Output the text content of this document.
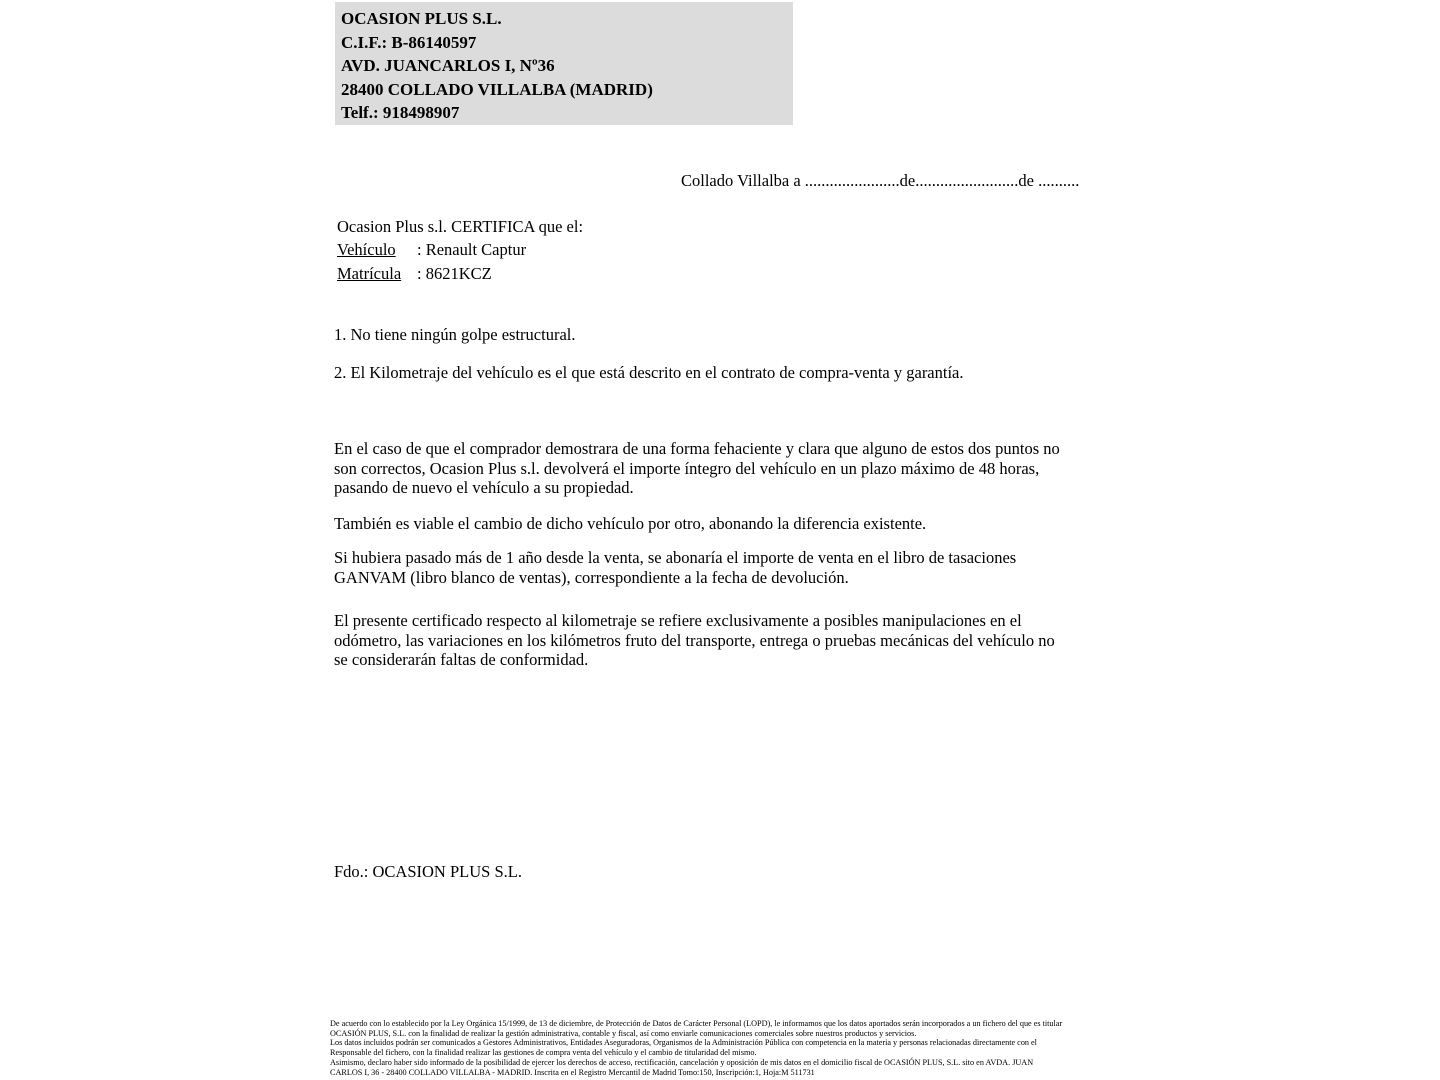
OCASION PLUS S.L.
C.I.F.: B-86140597
AVD. JUANCARLOS I, Nº36
28400 COLLADO VILLALBA (MADRID)
Telf.: 918498907
Collado Villalba a .......................de.........................de ..........
Ocasion Plus s.l. CERTIFICA que el:
Vehículo : Renault Captur
Matrícula : 8621KCZ
1. No tiene ningún golpe estructural.
2. El Kilometraje del vehículo es el que está descrito en el contrato de compra-venta y garantía.
En el caso de que el comprador demostrara de una forma fehaciente y clara que alguno de estos dos puntos no
son correctos, Ocasion Plus s.l. devolverá el importe íntegro del vehículo en un plazo máximo de 48 horas,
pasando de nuevo el vehículo a su propiedad.
También es viable el cambio de dicho vehículo por otro, abonando la diferencia existente.
Si hubiera pasado más de 1 año desde la venta, se abonaría el importe de venta en el libro de tasaciones
GANVAM (libro blanco de ventas), correspondiente a la fecha de devolución.
El presente certificado respecto al kilometraje se refiere exclusivamente a posibles manipulaciones en el
odómetro, las variaciones en los kilómetros fruto del transporte, entrega o pruebas mecánicas del vehículo no
se considerarán faltas de conformidad.
Fdo.: OCASION PLUS S.L.
De acuerdo con lo establecido por la Ley Orgánica 15/1999, de 13 de diciembre, de Protección de Datos de Carácter Personal (LOPD), le informamos que los datos aportados serán incorporados a un fichero del que es titular
OCASIÓN PLUS, S.L. con la finalidad de realizar la gestión administrativa, contable y fiscal, así como enviarle comunicaciones comerciales sobre nuestros productos y servicios.
Los datos incluidos podrán ser comunicados a Gestores Administrativos, Entidades Aseguradoras, Organismos de la Administración Pública con competencia en la materia y personas relacionadas directamente con el
Responsable del fichero, con la finalidad realizar las gestiones de compra venta del vehículo y el cambio de titularidad del mismo.
Asimismo, declaro haber sido informado de la posibilidad de ejercer los derechos de acceso, rectificación, cancelación y oposición de mis datos en el domicilio fiscal de OCASIÓN PLUS, S.L. sito en AVDA. JUAN
CARLOS I, 36 - 28400 COLLADO VILLALBA - MADRID. Inscrita en el Registro Mercantil de Madrid Tomo:150, Inscripción:1, Hoja:M 511731
